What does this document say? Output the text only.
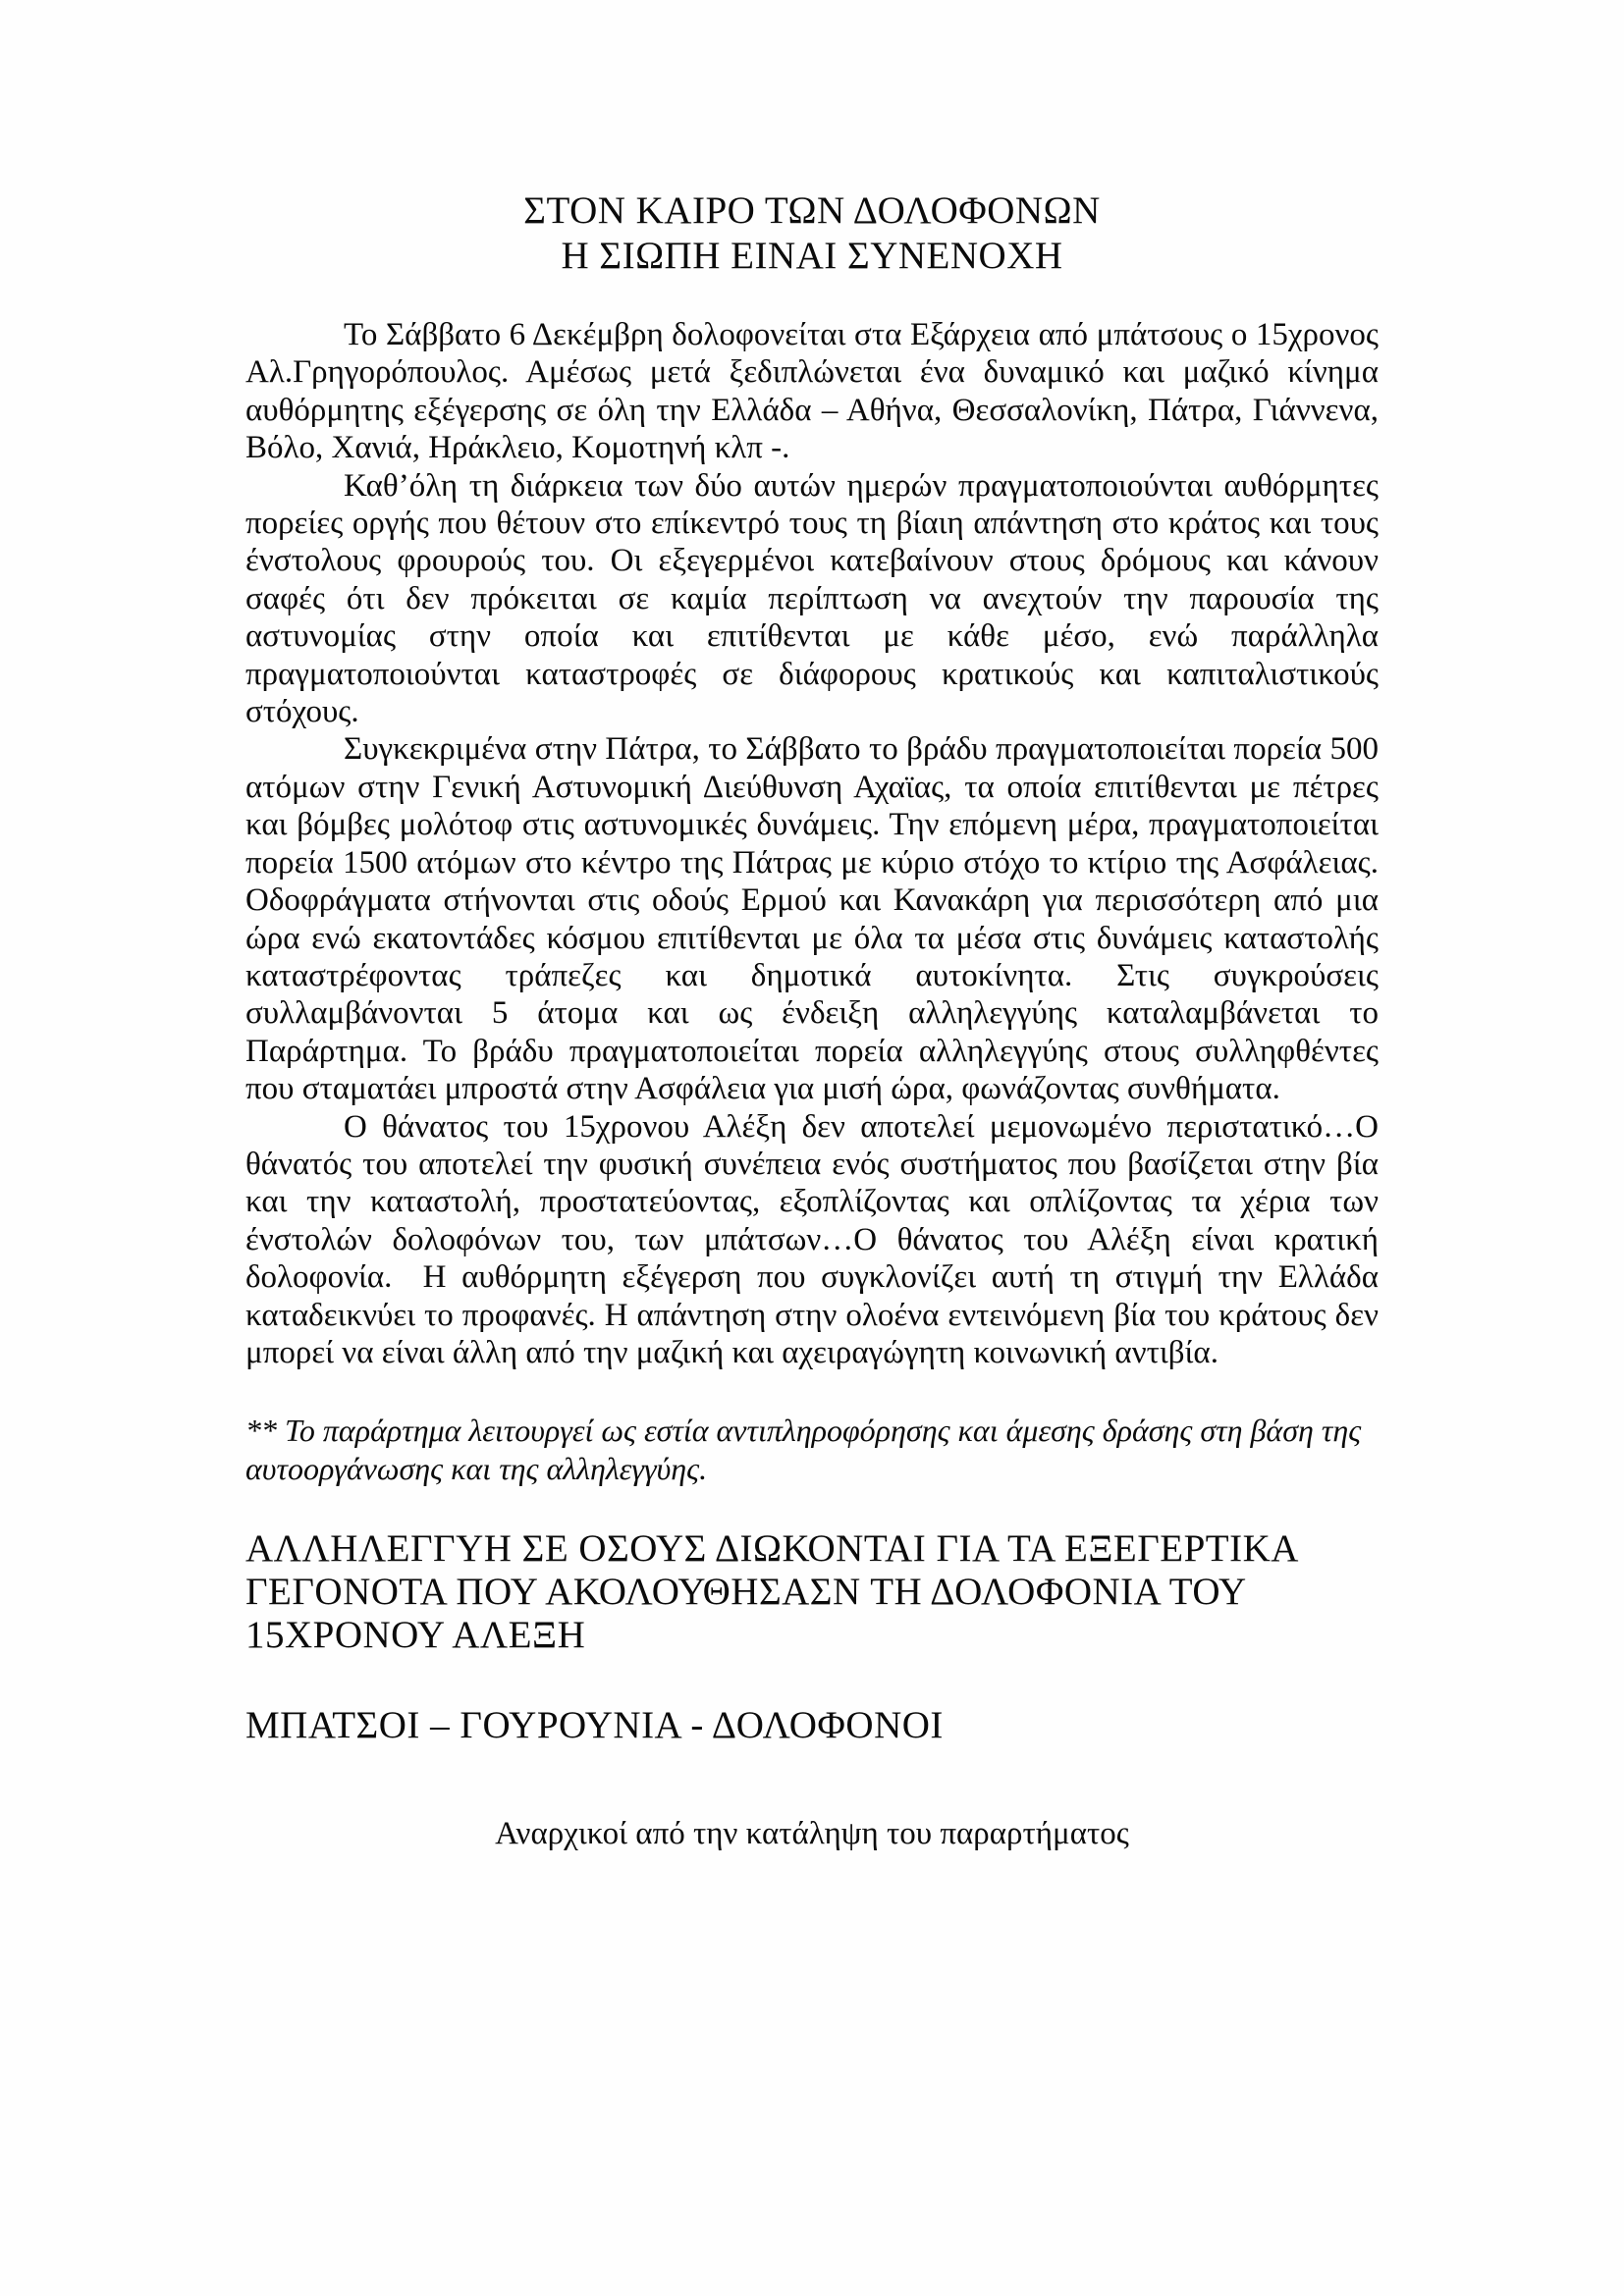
ΣΤΟΝ ΚΑΙΡΟ ΤΩΝ ΔΟΛΟΦΟΝΩΝ
Η ΣΙΩΠΗ ΕΙΝΑΙ ΣΥΝΕΝΟΧΗ

Το Σάββατο 6 Δεκέμβρη δολοφονείται στα Εξάρχεια από μπάτσους ο 15χρονος Αλ.Γρηγορόπουλος. Αμέσως μετά ξεδιπλώνεται ένα δυναμικό και μαζικό κίνημα αυθόρμητης εξέγερσης σε όλη την Ελλάδα – Αθήνα, Θεσσαλονίκη, Πάτρα, Γιάννενα, Βόλο, Χανιά, Ηράκλειο, Κομοτηνή κλπ -.

Καθ’όλη τη διάρκεια των δύο αυτών ημερών πραγματοποιούνται αυθόρμητες πορείες οργής που θέτουν στο επίκεντρό τους τη βίαιη απάντηση στο κράτος και τους ένστολους φρουρούς του. Οι εξεγερμένοι κατεβαίνουν στους δρόμους και κάνουν σαφές ότι δεν πρόκειται σε καμία περίπτωση να ανεχτούν την παρουσία της αστυνομίας στην οποία και επιτίθενται με κάθε μέσο, ενώ παράλληλα πραγματοποιούνται καταστροφές σε διάφορους κρατικούς και καπιταλιστικούς στόχους.

Συγκεκριμένα στην Πάτρα, το Σάββατο το βράδυ πραγματοποιείται πορεία 500 ατόμων στην Γενική Αστυνομική Διεύθυνση Αχαϊας, τα οποία επιτίθενται με πέτρες και βόμβες μολότοφ στις αστυνομικές δυνάμεις. Την επόμενη μέρα, πραγματοποιείται πορεία 1500 ατόμων στο κέντρο της Πάτρας με κύριο στόχο το κτίριο της Ασφάλειας. Οδοφράγματα στήνονται στις οδούς Ερμού και Κανακάρη για περισσότερη από μια ώρα ενώ εκατοντάδες κόσμου επιτίθενται με όλα τα μέσα στις δυνάμεις καταστολής καταστρέφοντας τράπεζες και δημοτικά αυτοκίνητα. Στις συγκρούσεις συλλαμβάνονται 5 άτομα και ως ένδειξη αλληλεγγύης καταλαμβάνεται το Παράρτημα. Το βράδυ πραγματοποιείται πορεία αλληλεγγύης στους συλληφθέντες που σταματάει μπροστά στην Ασφάλεια για μισή ώρα, φωνάζοντας συνθήματα.

Ο θάνατος του 15χρονου Αλέξη δεν αποτελεί μεμονωμένο περιστατικό…Ο θάνατός του αποτελεί την φυσική συνέπεια ενός συστήματος που βασίζεται στην βία και την καταστολή, προστατεύοντας, εξοπλίζοντας και οπλίζοντας τα χέρια των ένστολών δολοφόνων του, των μπάτσων…Ο θάνατος του Αλέξη είναι κρατική δολοφονία.  Η αυθόρμητη εξέγερση που συγκλονίζει αυτή τη στιγμή την Ελλάδα καταδεικνύει το προφανές. Η απάντηση στην ολοένα εντεινόμενη βία του κράτους δεν μπορεί να είναι άλλη από την μαζική και αχειραγώγητη κοινωνική αντιβία.

** Το παράρτημα λειτουργεί ως εστία αντιπληροφόρησης και άμεσης δράσης στη βάση της αυτοοργάνωσης και της αλληλεγγύης.
ΑΛΛΗΛΕΓΓΥΗ ΣΕ ΟΣΟΥΣ ΔΙΩΚΟΝΤΑΙ ΓΙΑ ΤΑ ΕΞΕΓΕΡΤΙΚΑ
ΓΕΓΟΝΟΤΑ ΠΟΥ ΑΚΟΛΟΥΘΗΣΑΣΝ ΤΗ ΔΟΛΟΦΟΝΙΑ ΤΟΥ
15ΧΡΟΝΟΥ ΑΛΕΞΗ
ΜΠΑΤΣΟΙ – ΓΟΥΡΟΥΝΙΑ - ΔΟΛΟΦΟΝΟΙ
Αναρχικοί από την κατάληψη του παραρτήματος
